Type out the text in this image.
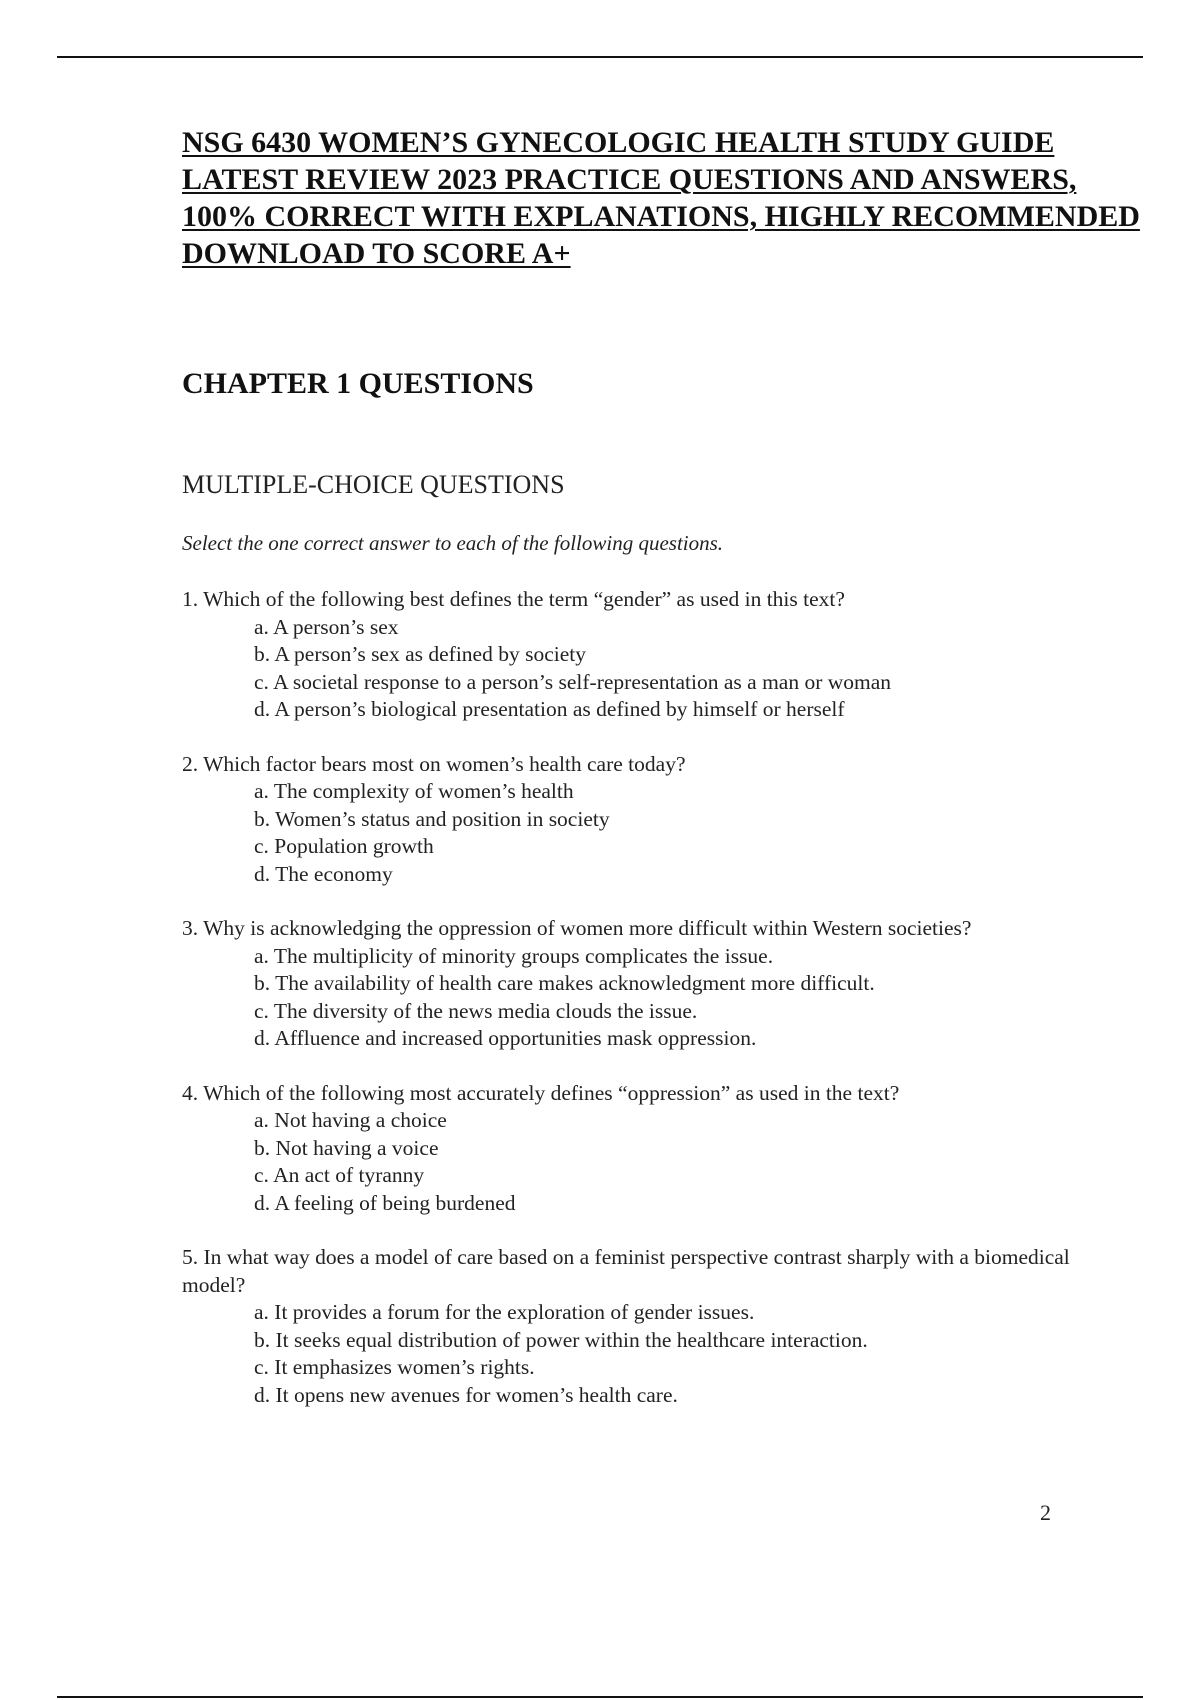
NSG 6430 WOMEN’S GYNECOLOGIC HEALTH STUDY GUIDE
LATEST REVIEW 2023 PRACTICE QUESTIONS AND ANSWERS,
100% CORRECT WITH EXPLANATIONS, HIGHLY RECOMMENDED
DOWNLOAD TO SCORE A+
CHAPTER 1 QUESTIONS
MULTIPLE-CHOICE QUESTIONS
Select the one correct answer to each of the following questions.

1. Which of the following best defines the term “gender” as used in this text?

a. A person’s sex
b. A person’s sex as defined by society
c. A societal response to a person’s self-representation as a man or woman
d. A person’s biological presentation as defined by himself or herself

2. Which factor bears most on women’s health care today?

a. The complexity of women’s health
b. Women’s status and position in society
c. Population growth
d. The economy

3. Why is acknowledging the oppression of women more difficult within Western societies?

a. The multiplicity of minority groups complicates the issue.
b. The availability of health care makes acknowledgment more difficult.
c. The diversity of the news media clouds the issue.
d. Affluence and increased opportunities mask oppression.

4. Which of the following most accurately defines “oppression” as used in the text?

a. Not having a choice
b. Not having a voice
c. An act of tyranny
d. A feeling of being burdened

5. In what way does a model of care based on a feminist perspective contrast sharply with a biomedical model?

a. It provides a forum for the exploration of gender issues.
b. It seeks equal distribution of power within the healthcare interaction.
c. It emphasizes women’s rights.
d. It opens new avenues for women’s health care.
2
